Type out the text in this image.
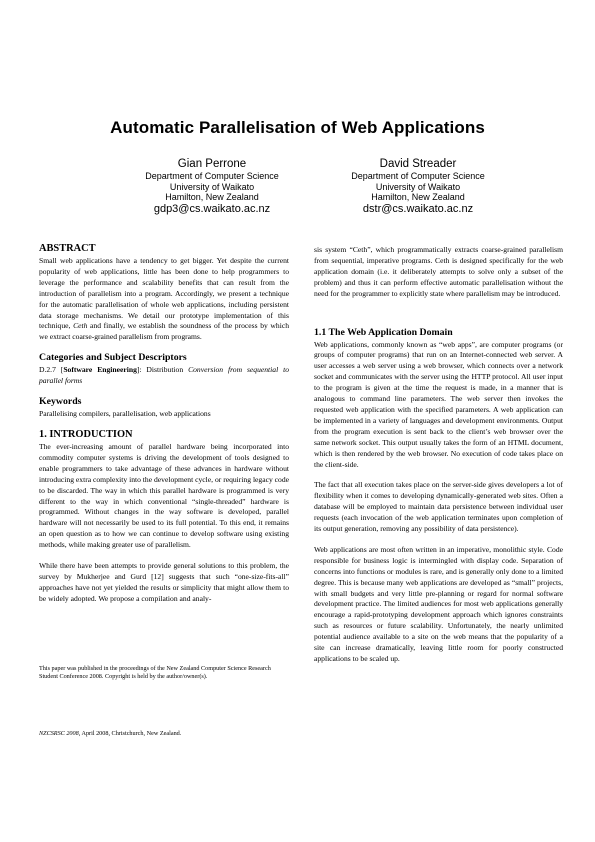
Automatic Parallelisation of Web Applications
Gian Perrone
Department of Computer Science
University of Waikato
Hamilton, New Zealand
gdp3@cs.waikato.ac.nz
David Streader
Department of Computer Science
University of Waikato
Hamilton, New Zealand
dstr@cs.waikato.ac.nz
ABSTRACT

Small web applications have a tendency to get bigger. Yet despite the current popularity of web applications, little has been done to help programmers to leverage the performance and scalability benefits that can result from the introduction of parallelism into a program. Accordingly, we present a technique for the automatic parallelisation of whole web applications, including persistent data storage mechanisms. We detail our prototype implementation of this technique, Ceth and finally, we establish the soundness of the process by which we extract coarse-grained parallelism from programs.

Categories and Subject Descriptors

D.2.7 [Software Engineering]: Distribution Conversion from sequential to parallel forms

Keywords

Parallelising compilers, parallelisation, web applications

1. INTRODUCTION

The ever-increasing amount of parallel hardware being incorporated into commodity computer systems is driving the development of tools designed to enable programmers to take advantage of these advances in hardware without introducing extra complexity into the development cycle, or requiring legacy code to be discarded. The way in which this parallel hardware is programmed is very different to the way in which conventional “single-threaded” hardware is programmed. Without changes in the way software is developed, parallel hardware will not necessarily be used to its full potential. To this end, it remains an open question as to how we can continue to develop software using existing methods, while making greater use of parallelism.

While there have been attempts to provide general solutions to this problem, the survey by Mukherjee and Gurd [12] suggests that such “one-size-fits-all” approaches have not yet yielded the results or simplicity that might allow them to be widely adopted. We propose a compilation and analy-

This paper was published in the proceedings of the New Zealand Computer Science Research Student Conference 2008. Copyright is held by the author/owner(s).
NZCSRSC 2008, April 2008, Christchurch, New Zealand.

sis system “Ceth”, which programmatically extracts coarse-grained parallelism from sequential, imperative programs. Ceth is designed specifically for the web application domain (i.e. it deliberately attempts to solve only a subset of the problem) and thus it can perform effective automatic parallelisation without the need for the programmer to explicitly state where parallelism may be introduced.

1.1 The Web Application Domain

Web applications, commonly known as “web apps”, are computer programs (or groups of computer programs) that run on an Internet-connected web server. A user accesses a web server using a web browser, which connects over a network socket and communicates with the server using the HTTP protocol. All user input to the program is given at the time the request is made, in a manner that is analogous to command line parameters. The web server then invokes the requested web application with the specified parameters. A web application can be implemented in a variety of languages and development environments. Output from the program execution is sent back to the client’s web browser over the same network socket. This output usually takes the form of an HTML document, which is then rendered by the web browser. No execution of code takes place on the client-side.

The fact that all execution takes place on the server-side gives developers a lot of flexibility when it comes to developing dynamically-generated web sites. Often a database will be employed to maintain data persistence between individual user requests (each invocation of the web application terminates upon completion of its output generation, removing any possibility of data persistence).

Web applications are most often written in an imperative, monolithic style. Code responsible for business logic is intermingled with display code. Separation of concerns into functions or modules is rare, and is generally only done to a limited degree. This is because many web applications are developed as “small” projects, with small budgets and very little pre-planning or regard for normal software development practice. The limited audiences for most web applications generally encourage a rapid-prototyping development approach which ignores constraints such as resources or future scalability. Unfortunately, the nearly unlimited potential audience available to a site on the web means that the popularity of a site can increase dramatically, leaving little room for poorly constructed applications to be scaled up.
